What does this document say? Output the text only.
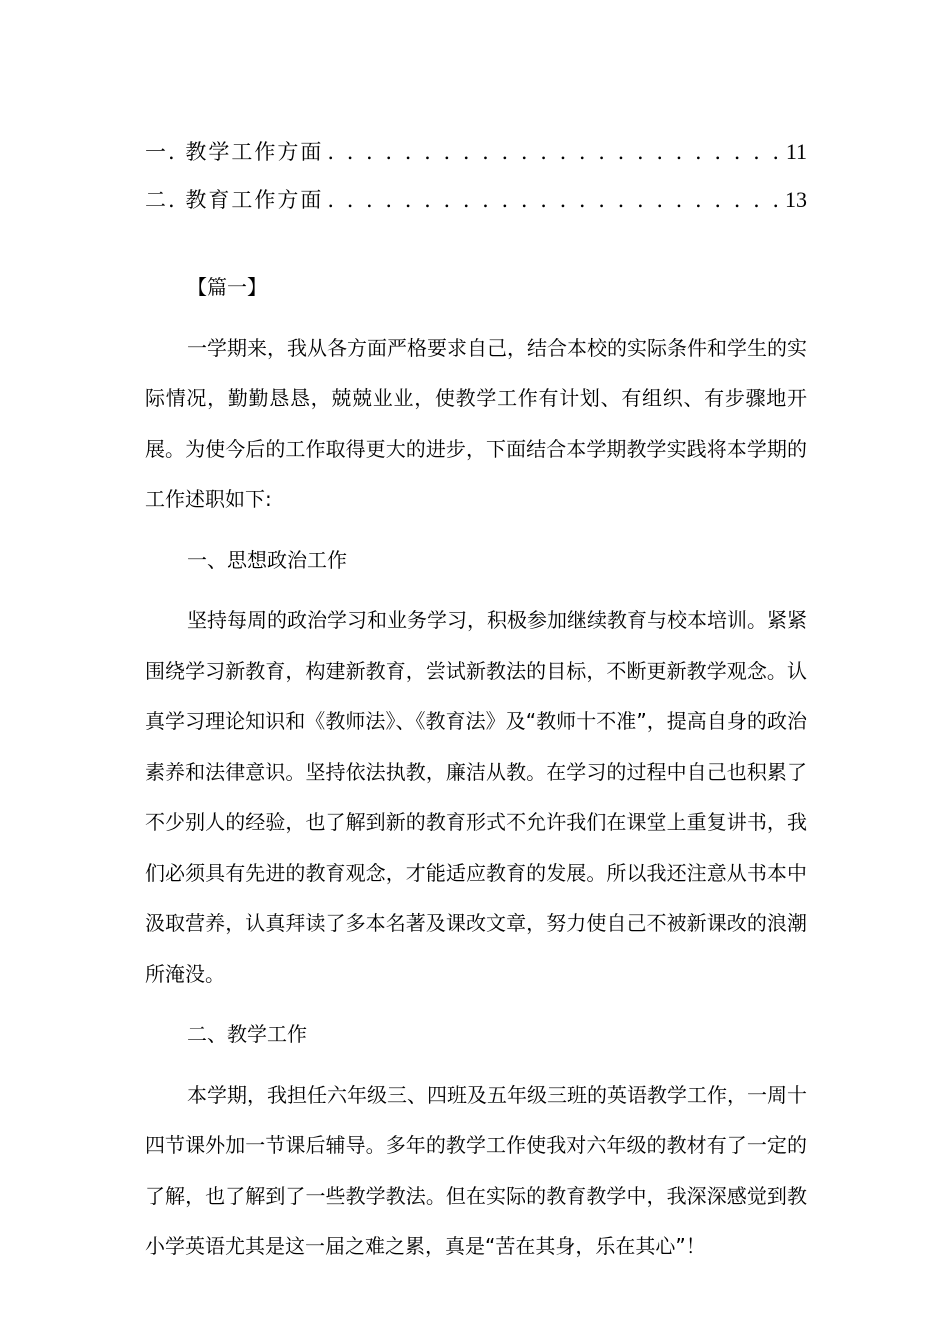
一. 教学工作方面 . . .	11
二. 教育工作方面 . . .	13

【篇一】

一学期来，我从各方面严格要求自己，结合本校的实际条件和学生的实际情况，勤勤恳恳，兢兢业业，使教学工作有计划、有组织、有步骤地开展。为使今后的工作取得更大的进步，下面结合本学期教学实践将本学期的工作述职如下:

一、思想政治工作

坚持每周的政治学习和业务学习，积极参加继续教育与校本培训。紧紧围绕学习新教育，构建新教育，尝试新教法的目标，不断更新教学观念。认真学习理论知识和《教师法》、《教育法》及“教师十不准”，提高自身的政治素养和法律意识。坚持依法执教，廉洁从教。在学习的过程中自己也积累了不少别人的经验，也了解到新的教育形式不允许我们在课堂上重复讲书，我们必须具有先进的教育观念，才能适应教育的发展。所以我还注意从书本中汲取营养，认真拜读了多本名著及课改文章，努力使自己不被新课改的浪潮所淹没。

二、教学工作

本学期，我担任六年级三、四班及五年级三班的英语教学工作，一周十四节课外加一节课后辅导。多年的教学工作使我对六年级的教材有了一定的了解，也了解到了一些教学教法。但在实际的教育教学中，我深深感觉到教小学英语尤其是这一届之难之累，真是“苦在其身，乐在其心”！
